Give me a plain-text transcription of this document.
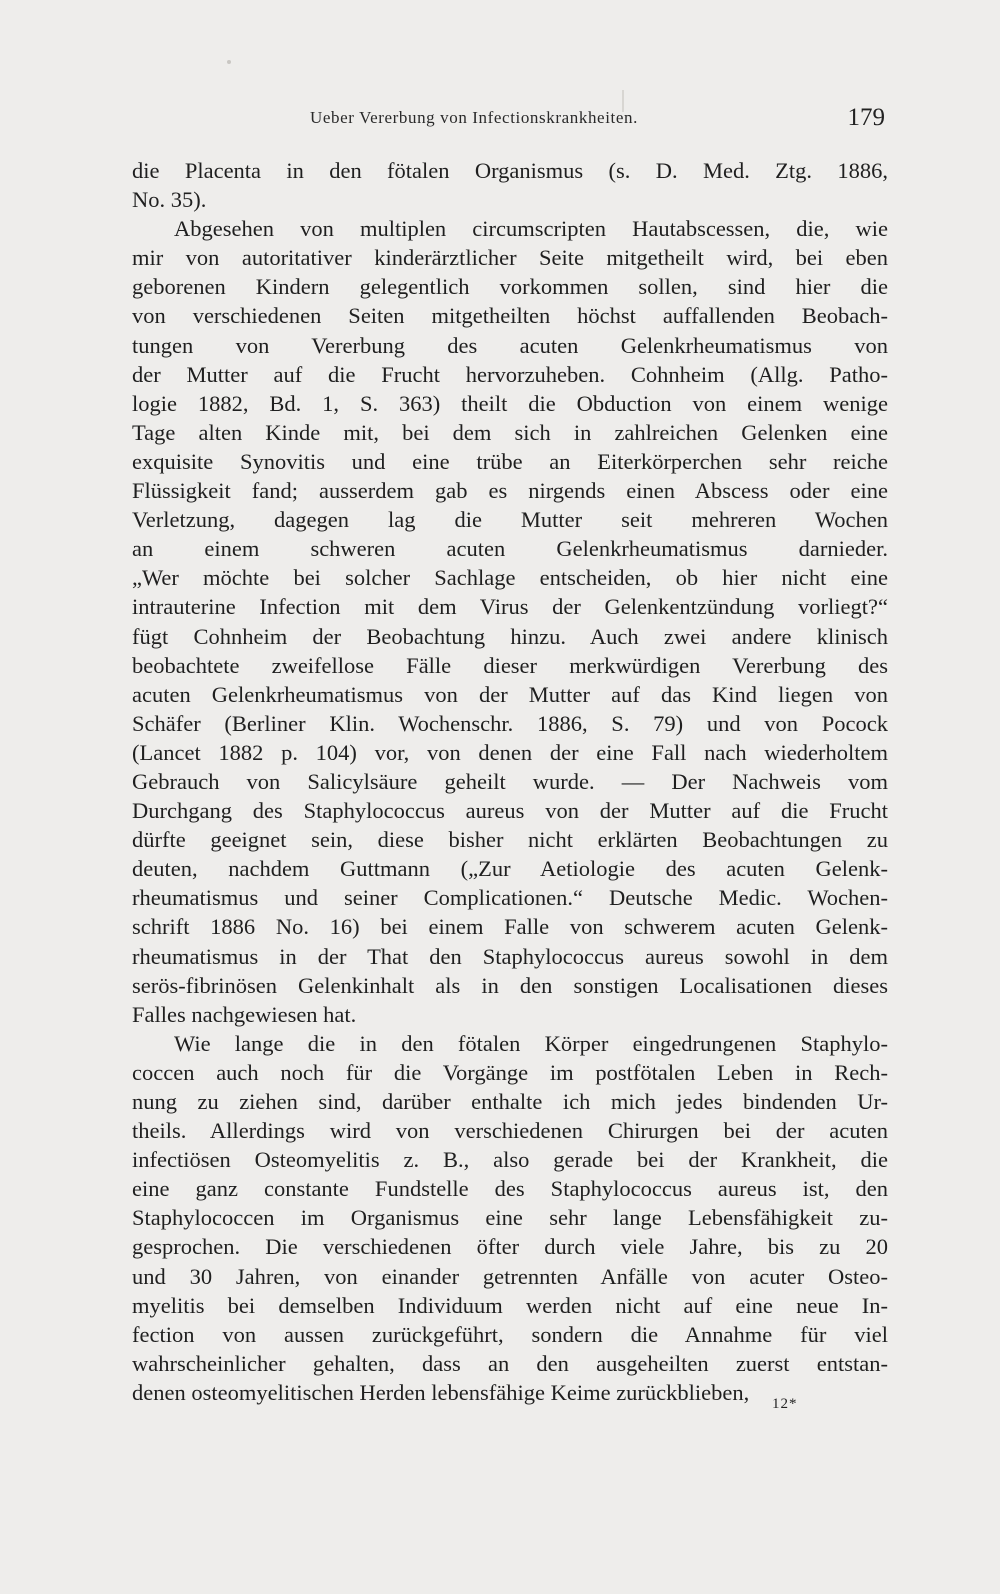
Ueber Vererbung von Infectionskrankheiten.	179
die Placenta in den fötalen Organismus (s. D. Med. Ztg. 1886,
No. 35).
Abgesehen von multiplen circumscripten Hautabscessen, die, wie
mir von autoritativer kinderärztlicher Seite mitgetheilt wird, bei eben
geborenen Kindern gelegentlich vorkommen sollen, sind hier die
von verschiedenen Seiten mitgetheilten höchst auffallenden Beobach-
tungen von Vererbung des acuten Gelenkrheumatismus von
der Mutter auf die Frucht hervorzuheben. Cohnheim (Allg. Patho-
logie 1882, Bd. 1, S. 363) theilt die Obduction von einem wenige
Tage alten Kinde mit, bei dem sich in zahlreichen Gelenken eine
exquisite Synovitis und eine trübe an Eiterkörperchen sehr reiche
Flüssigkeit fand; ausserdem gab es nirgends einen Abscess oder eine
Verletzung, dagegen lag die Mutter seit mehreren Wochen
an einem schweren acuten Gelenkrheumatismus darnieder.
„Wer möchte bei solcher Sachlage entscheiden, ob hier nicht eine
intrauterine Infection mit dem Virus der Gelenkentzündung vorliegt?“
fügt Cohnheim der Beobachtung hinzu. Auch zwei andere klinisch
beobachtete zweifellose Fälle dieser merkwürdigen Vererbung des
acuten Gelenkrheumatismus von der Mutter auf das Kind liegen von
Schäfer (Berliner Klin. Wochenschr. 1886, S. 79) und von Pocock
(Lancet 1882 p. 104) vor, von denen der eine Fall nach wiederholtem
Gebrauch von Salicylsäure geheilt wurde. — Der Nachweis vom
Durchgang des Staphylococcus aureus von der Mutter auf die Frucht
dürfte geeignet sein, diese bisher nicht erklärten Beobachtungen zu
deuten, nachdem Guttmann („Zur Aetiologie des acuten Gelenk-
rheumatismus und seiner Complicationen.“ Deutsche Medic. Wochen-
schrift 1886 No. 16) bei einem Falle von schwerem acuten Gelenk-
rheumatismus in der That den Staphylococcus aureus sowohl in dem
serös-fibrinösen Gelenkinhalt als in den sonstigen Localisationen dieses
Falles nachgewiesen hat.
Wie lange die in den fötalen Körper eingedrungenen Staphylo-
coccen auch noch für die Vorgänge im postfötalen Leben in Rech-
nung zu ziehen sind, darüber enthalte ich mich jedes bindenden Ur-
theils. Allerdings wird von verschiedenen Chirurgen bei der acuten
infectiösen Osteomyelitis z. B., also gerade bei der Krankheit, die
eine ganz constante Fundstelle des Staphylococcus aureus ist, den
Staphylococcen im Organismus eine sehr lange Lebensfähigkeit zu-
gesprochen. Die verschiedenen öfter durch viele Jahre, bis zu 20
und 30 Jahren, von einander getrennten Anfälle von acuter Osteo-
myelitis bei demselben Individuum werden nicht auf eine neue In-
fection von aussen zurückgeführt, sondern die Annahme für viel
wahrscheinlicher gehalten, dass an den ausgeheilten zuerst entstan-
denen osteomyelitischen Herden lebensfähige Keime zurückblieben,	12*
